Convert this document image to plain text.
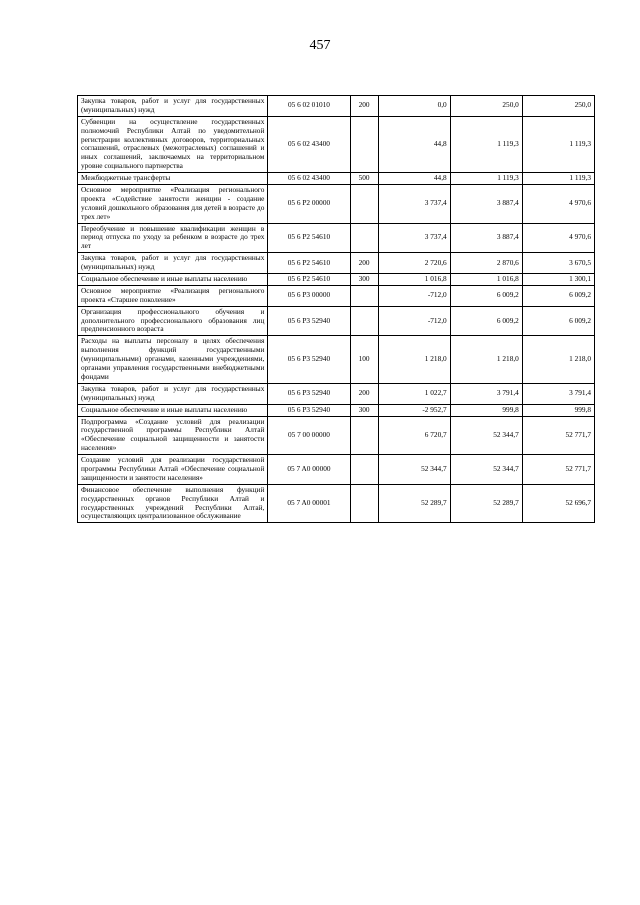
457
Закупка товаров, работ и услуг для государственных (муниципальных) нужд	05 6 02 01010	200	0,0	250,0	250,0
Субвенции на осуществление государственных полномочий Республики Алтай по уведомительной регистрации коллективных договоров, территориальных соглашений, отраслевых (межотраслевых) соглашений и иных соглашений, заключаемых на территориальном уровне социального партнерства	05 6 02 43400		44,8	1 119,3	1 119,3
Межбюджетные трансферты	05 6 02 43400	500	44,8	1 119,3	1 119,3
Основное мероприятие «Реализация регионального проекта «Содействие занятости женщин - создание условий дошкольного образования для детей в возрасте до трех лет»	05 6 P2 00000		3 737,4	3 887,4	4 970,6
Переобучение и повышение квалификации женщин в период отпуска по уходу за ребенком в возрасте до трех лет	05 6 P2 54610		3 737,4	3 887,4	4 970,6
Закупка товаров, работ и услуг для государственных (муниципальных) нужд	05 6 P2 54610	200	2 720,6	2 870,6	3 670,5
Социальное обеспечение и иные выплаты населению	05 6 P2 54610	300	1 016,8	1 016,8	1 300,1
Основное мероприятие «Реализация регионального проекта «Старшее поколение»	05 6 P3 00000		-712,0	6 009,2	6 009,2
Организация профессионального обучения и дополнительного профессионального образования лиц предпенсионного возраста	05 6 P3 52940		-712,0	6 009,2	6 009,2
Расходы на выплаты персоналу в целях обеспечения выполнения функций государственными (муниципальными) органами, казенными учреждениями, органами управления государственными внебюджетными фондами	05 6 P3 52940	100	1 218,0	1 218,0	1 218,0
Закупка товаров, работ и услуг для государственных (муниципальных) нужд	05 6 P3 52940	200	1 022,7	3 791,4	3 791,4
Социальное обеспечение и иные выплаты населению	05 6 P3 52940	300	-2 952,7	999,8	999,8
Подпрограмма «Создание условий для реализации государственной программы Республики Алтай «Обеспечение социальной защищенности и занятости населения»	05 7 00 00000		6 720,7	52 344,7	52 771,7
Создание условий для реализации государственной программы Республики Алтай «Обеспечение социальной защищенности и занятости населения»	05 7 A0 00000		52 344,7	52 344,7	52 771,7
Финансовое обеспечение выполнения функций государственных органов Республики Алтай и государственных учреждений Республики Алтай, осуществляющих централизованное обслуживание	05 7 A0 00001		52 289,7	52 289,7	52 696,7
